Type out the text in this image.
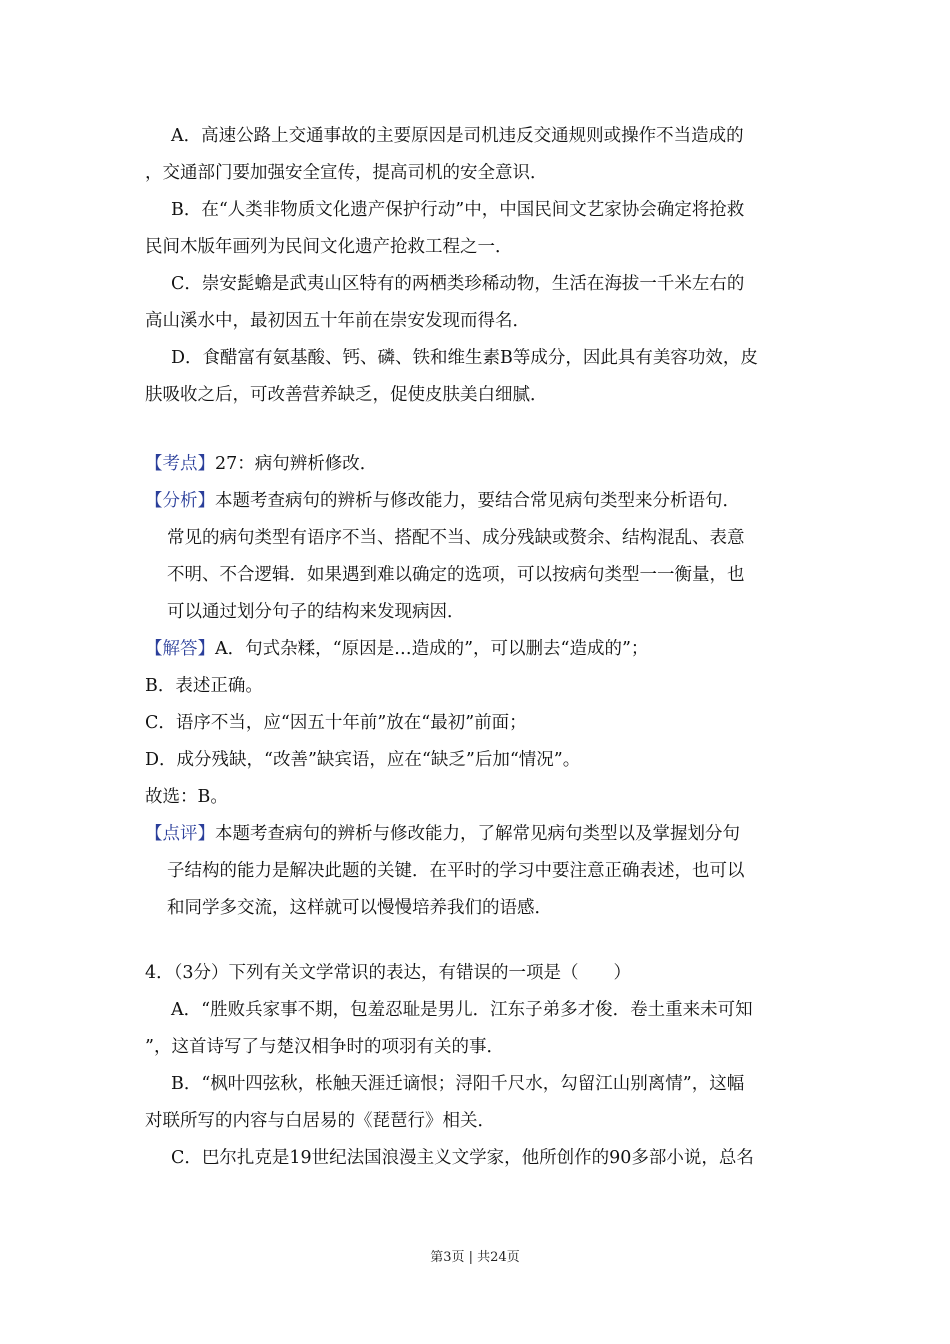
A．高速公路上交通事故的主要原因是司机违反交通规则或操作不当造成的
，交通部门要加强安全宣传，提高司机的安全意识．
B．在“人类非物质文化遗产保护行动”中，中国民间文艺家协会确定将抢救
民间木版年画列为民间文化遗产抢救工程之一．
C．崇安髭蟾是武夷山区特有的两栖类珍稀动物，生活在海拔一千米左右的
高山溪水中，最初因五十年前在崇安发现而得名．
D．食醋富有氨基酸、钙、磷、铁和维生素B等成分，因此具有美容功效，皮
肤吸收之后，可改善营养缺乏，促使皮肤美白细腻．
【考点】27：病句辨析修改．
【分析】本题考查病句的辨析与修改能力，要结合常见病句类型来分析语句．
常见的病句类型有语序不当、搭配不当、成分残缺或赘余、结构混乱、表意
不明、不合逻辑．如果遇到难以确定的选项，可以按病句类型一一衡量，也
可以通过划分句子的结构来发现病因．
【解答】A．句式杂糅，“原因是…造成的”，可以删去“造成的”；
B．表述正确。
C．语序不当，应“因五十年前”放在“最初”前面；
D．成分残缺，“改善”缺宾语，应在“缺乏”后加“情况”。
故选：B。
【点评】本题考查病句的辨析与修改能力，了解常见病句类型以及掌握划分句
子结构的能力是解决此题的关键．在平时的学习中要注意正确表述，也可以
和同学多交流，这样就可以慢慢培养我们的语感．
4．（3分）下列有关文学常识的表达，有错误的一项是（　　）
A．“胜败兵家事不期，包羞忍耻是男儿．江东子弟多才俊．卷土重来未可知
”，这首诗写了与楚汉相争时的项羽有关的事．
B．“枫叶四弦秋，枨触天涯迁谪恨；浔阳千尺水，勾留江山别离情”，这幅
对联所写的内容与白居易的《琵琶行》相关．
C．巴尔扎克是19世纪法国浪漫主义文学家，他所创作的90多部小说，总名
第3页 | 共24页
